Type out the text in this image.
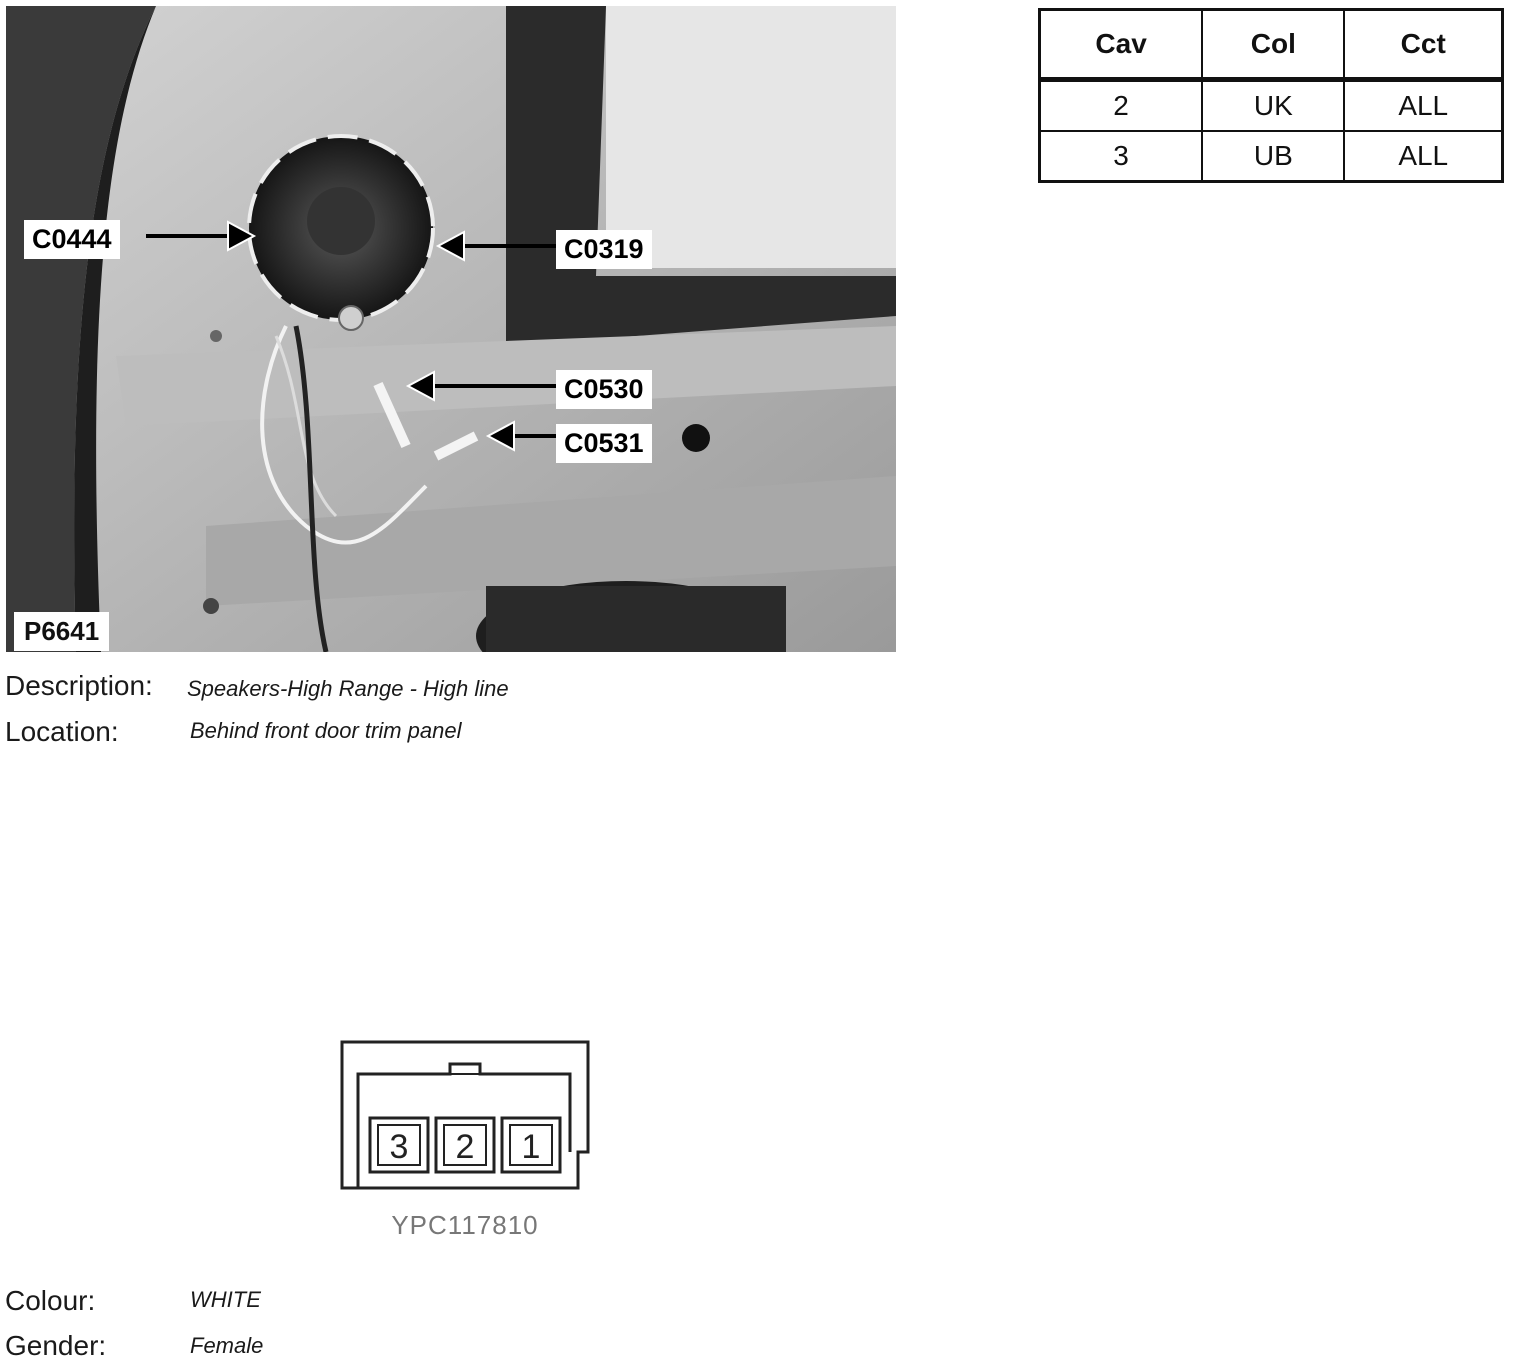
C0444	C0319
C0530
C0531
P6641
Cav	Col	Cct
2	UK	ALL
3	UB	ALL
Description: Speakers-High Range - High line
Location:	Behind front door trim panel
3 2 1
YPC117810
Colour:	WHITE
Gender:	Female
